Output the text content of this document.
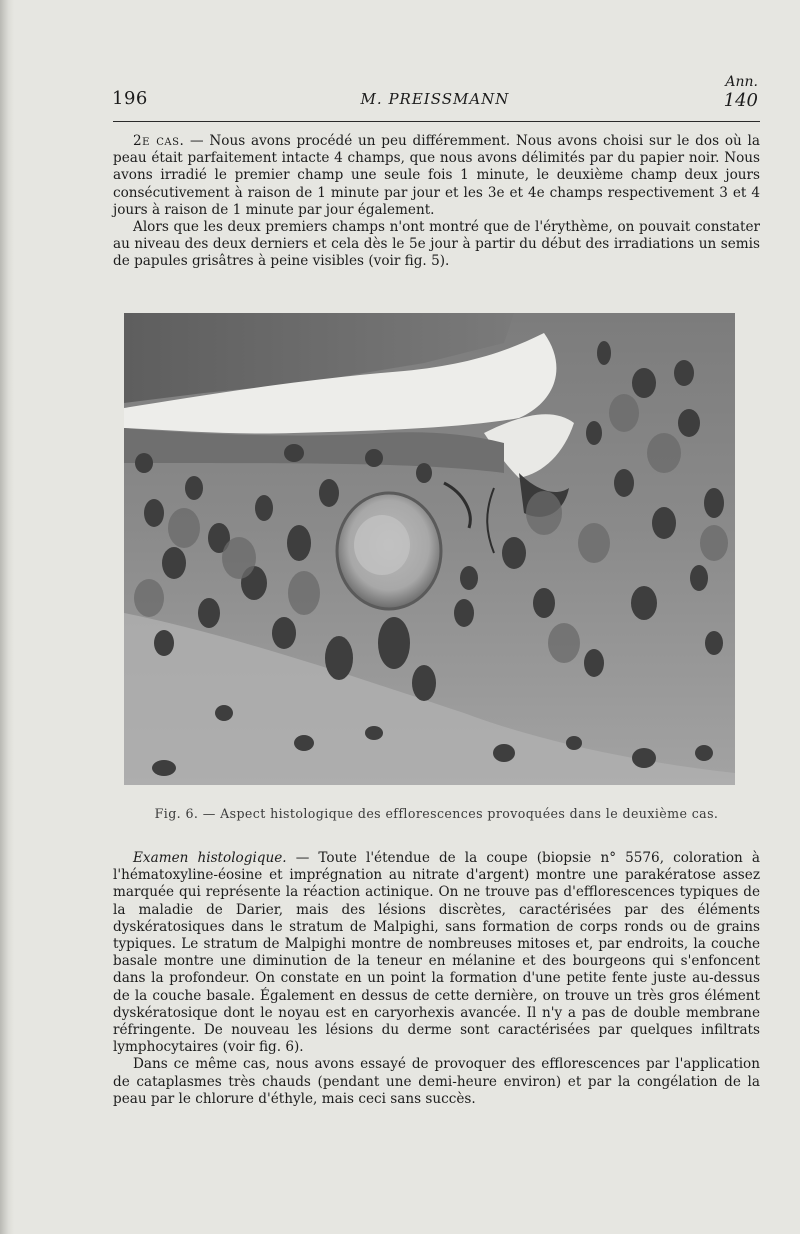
196	M. PREISSMANN
Ann.
140

2e cas. — Nous avons procédé un peu différemment. Nous avons choisi sur le dos où la peau était parfaitement intacte 4 champs, que nous avons délimités par du papier noir. Nous avons irradié le premier champ une seule fois 1 minute, le deuxième champ deux jours consécutivement à raison de 1 minute par jour et les 3e et 4e champs respectivement 3 et 4 jours à raison de 1 minute par jour également.

Alors que les deux premiers champs n'ont montré que de l'érythème, on pouvait constater au niveau des deux derniers et cela dès le 5e jour à partir du début des irradiations un semis de papules grisâtres à peine visibles (voir fig. 5).

Fig. 6. — Aspect histologique des efflorescences provoquées dans le deuxième cas.

Examen histologique. — Toute l'étendue de la coupe (biopsie n° 5576, coloration à l'hématoxyline-éosine et imprégnation au nitrate d'argent) montre une parakératose assez marquée qui représente la réaction actinique. On ne trouve pas d'efflorescences typiques de la maladie de Darier, mais des lésions discrètes, caractérisées par des éléments dyskératosiques dans le stratum de Malpighi, sans formation de corps ronds ou de grains typiques. Le stratum de Malpighi montre de nombreuses mitoses et, par endroits, la couche basale montre une diminution de la teneur en mélanine et des bourgeons qui s'enfoncent dans la profondeur. On constate en un point la formation d'une petite fente juste au-dessus de la couche basale. Également en dessus de cette dernière, on trouve un très gros élément dyskératosique dont le noyau est en caryorhexis avancée. Il n'y a pas de double membrane réfringente. De nouveau les lésions du derme sont caractérisées par quelques infiltrats lymphocytaires (voir fig. 6).

Dans ce même cas, nous avons essayé de provoquer des efflorescences par l'application de cataplasmes très chauds (pendant une demi-heure environ) et par la congélation de la peau par le chlorure d'éthyle, mais ceci sans succès.
